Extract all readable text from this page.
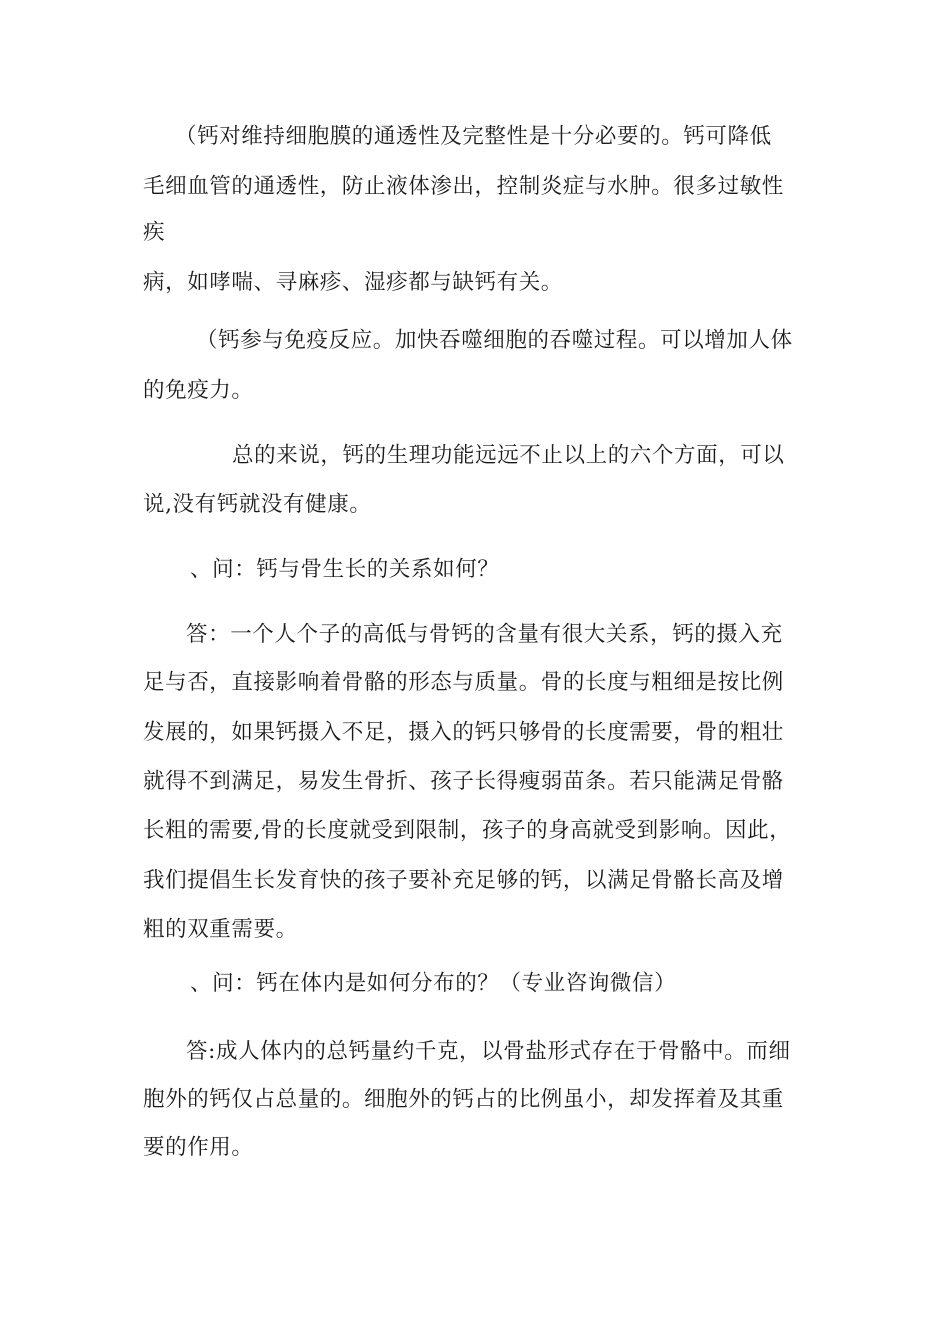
（钙对维持细胞膜的通透性及完整性是十分必要的。钙可降低
毛细血管的通透性，防止液体渗出，控制炎症与水肿。很多过敏性
疾
病，如哮喘、寻麻疹、湿疹都与缺钙有关。
（钙参与免疫反应。加快吞噬细胞的吞噬过程。可以增加人体
的免疫力。
总的来说，钙的生理功能远远不止以上的六个方面，可以
说,没有钙就没有健康。
、问：钙与骨生长的关系如何？
答：一个人个子的高低与骨钙的含量有很大关系，钙的摄入充
足与否，直接影响着骨骼的形态与质量。骨的长度与粗细是按比例
发展的，如果钙摄入不足，摄入的钙只够骨的长度需要，骨的粗壮
就得不到满足，易发生骨折、孩子长得瘦弱苗条。若只能满足骨骼
长粗的需要,骨的长度就受到限制，孩子的身高就受到影响。因此，
我们提倡生长发育快的孩子要补充足够的钙，以满足骨骼长高及增
粗的双重需要。
、问：钙在体内是如何分布的？（专业咨询微信）
答:成人体内的总钙量约千克，以骨盐形式存在于骨骼中。而细
胞外的钙仅占总量的。细胞外的钙占的比例虽小，却发挥着及其重
要的作用。
